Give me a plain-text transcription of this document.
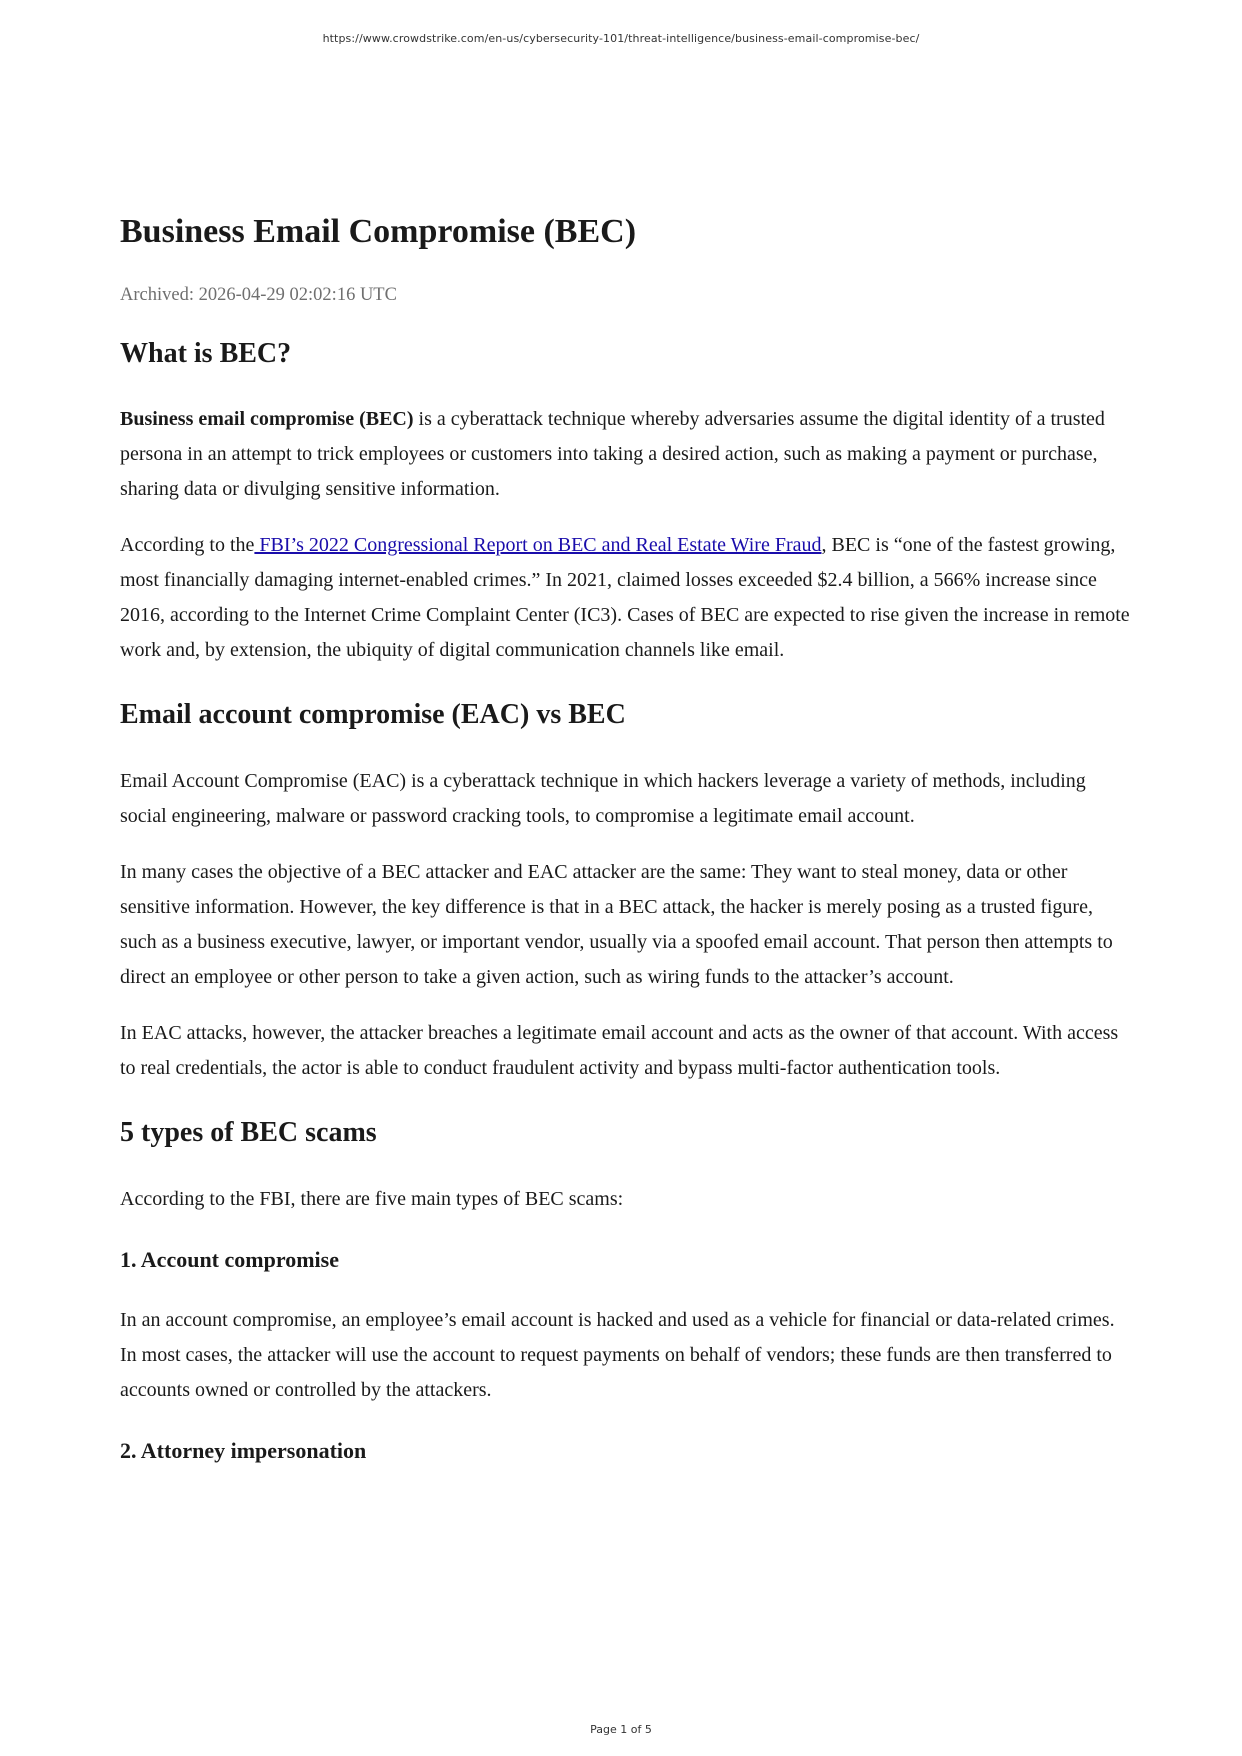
https://www.crowdstrike.com/en-us/cybersecurity-101/threat-intelligence/business-email-compromise-bec/
Business Email Compromise (BEC)
Archived: 2026-04-29 02:02:16 UTC
What is BEC?

Business email compromise (BEC) is a cyberattack technique whereby adversaries assume the digital identity of a trusted persona in an attempt to trick employees or customers into taking a desired action, such as making a payment or purchase, sharing data or divulging sensitive information.

According to the FBI’s 2022 Congressional Report on BEC and Real Estate Wire Fraud, BEC is “one of the fastest growing, most financially damaging internet-enabled crimes.” In 2021, claimed losses exceeded $2.4 billion, a 566% increase since 2016, according to the Internet Crime Complaint Center (IC3). Cases of BEC are expected to rise given the increase in remote work and, by extension, the ubiquity of digital communication channels like email.

Email account compromise (EAC) vs BEC

Email Account Compromise (EAC) is a cyberattack technique in which hackers leverage a variety of methods, including social engineering, malware or password cracking tools, to compromise a legitimate email account.

In many cases the objective of a BEC attacker and EAC attacker are the same: They want to steal money, data or other sensitive information. However, the key difference is that in a BEC attack, the hacker is merely posing as a trusted figure, such as a business executive, lawyer, or important vendor, usually via a spoofed email account. That person then attempts to direct an employee or other person to take a given action, such as wiring funds to the attacker’s account.

In EAC attacks, however, the attacker breaches a legitimate email account and acts as the owner of that account. With access to real credentials, the actor is able to conduct fraudulent activity and bypass multi-factor authentication tools.

5 types of BEC scams

According to the FBI, there are five main types of BEC scams:

1. Account compromise

In an account compromise, an employee’s email account is hacked and used as a vehicle for financial or data-related crimes. In most cases, the attacker will use the account to request payments on behalf of vendors; these funds are then transferred to accounts owned or controlled by the attackers.

2. Attorney impersonation
Page 1 of 5
